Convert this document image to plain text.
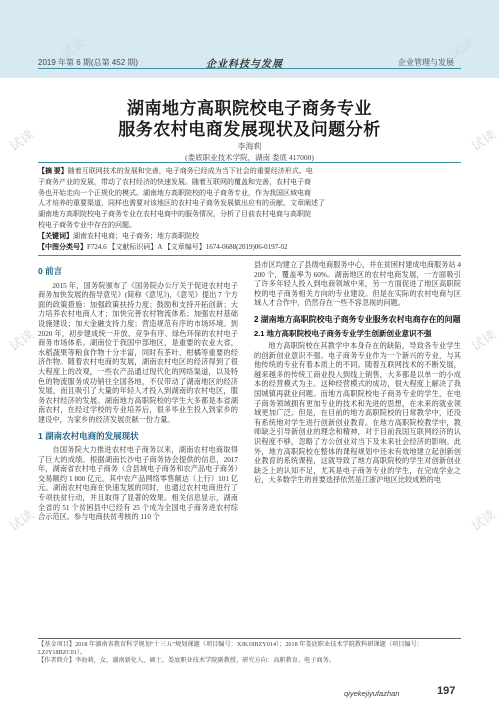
2019 年第 6 期(总第 452 期)	企业科技与发展	企业管理与发展
湖南地方高职院校电子商务专业
服务农村电商发展现状及问题分析
李海莉
(娄底职业技术学院，湖南 娄底 417000)
【摘 要】随着互联网技术的发展和完善，电子商务已经成为当下社会的重要经济形式。电
子商务产业的发展，带动了农村经济的快速发展。随着互联网的覆盖和完善，农村电子商
务也开始走向一个正规化的模式。湖南地方高职院校的电子商务专业，作为我国区域电商
人才培养的重要渠道，同样也需要对该地区的农村电子商务发展做出应有的贡献。文章阐述了
湖南地方高职院校电子商务专业在农村电商中的服务情况，分析了目前农村电商与高职院
校电子商务专业中存在的问题。
【关键词】湖南农村电商；电子商务；地方高职院校
【中图分类号】F724.6 【文献标识码】A 【文章编号】1674-0688(2019)06-0197-02
0 前言
2015 年，国务院颁布了《国务院办公厅关于促进农村电子商务加快发展的指导意见》(简称《意见》)，《意见》提出 7 个方面的政策措施：加强政策扶持力度；鼓励和支持开拓创新；大力培养农村电商人才；加快完善农村物流体系；加强农村基础设施建设；加大金融支持力度；营造规范有序的市场环境。到 2020 年，初步建成统一开放、竞争有序、绿色环保的农村电子商务市场体系。湖南位于我国中部地区，是重要的农业大省，水稻蔬果等粮食作物十分丰富，同时有茶叶、柑橘等重要的经济作物。随着农村电商的发展，湖南农村电区的经济得到了很大程度上的改观，一些农产品通过现代化的网络渠道，以及特色的物流服务成功销往全国各地，不仅带动了湖南地区的经济发展，而且吸引了大量的年轻人才投入到湖南的农村电区，服务农村经济的发展。湖南地方高职院校的学生大多都是本省湖南农村，在经过学校的专业培养后，很多毕业生投入到家乡的建设中，为家乡的经济发展贡献一份力量。
1 湖南农村电商的发展现状
自国务院大力推进农村电子商务以来，湖南农村电商取得了巨大的成绩。根据湖南长沙电子商务协会提供的信息，2017 年，湖南省农村电子商务（含县域电子商务和农产品电子商务）交易额约 1 800 亿元，其中农产品网络零售额达（上行）101 亿元。湖南农村电商在快速发展的同时，也通过农村电商进行了专项扶贫行动，并且取得了显著的效果。相关信息显示，湖南全省的 51 个贫困县中已经有 25 个成为全国电子商务进农村综合示范区。参与电商扶贫考核的 110 个
县市区均建立了县级电商服务中心，并在贫困村建成电商服务站 4 200 个，覆盖率为 60%。湖南地区的农村电商发展，一方面吸引了许多年轻人投入到电商领域中来，另一方面促进了地区高职院校的电子商务相关方向的专业建设。但是在实际的农村电商与区域人才合作中，仍然存在一些不容忽视的问题。
2 湖南地方高职院校电子商务专业服务农村电商存在的问题
2.1 地方高职院校电子商务专业学生创新创业意识不强
地方高职院校在其教学中本身存在的缺陷，导致各专业学生的创新创业意识不强。电子商务专业作为一个新兴的专业，与其他传统的专业有着本质上的不同。随着互联网技术的不断发展，越来越多的传统工商业投入到线上销售，大多都是以单一的小成本的经营模式为主。这种经营模式的成功，很大程度上解决了我国城镇再就业问题。而地方高职院校电子商务专业的学生，在电子商务领域拥有更加专业的技术和先进的思想，在未来的就业领域更加广泛。但是，在目前的地方高职院校的日常教学中，还没有系统地对学生进行创新创业教育。在地方高职院校教学中，教师缺乏引导新创业的理念和精神，对于目前我国互联网经济的认识程度不够，忽略了方公创业对当下及未来社会经济的影响。此外，地方高职院校在整体的课程规划中还未有效地建立起创新创业教育的系统课程，这就导致了地方高职院校的学生对创新创业缺乏上的认知不足，尤其是电子商务专业的学生，在完成学业之后，大多数学生的首要选择依然是江浙沪地区比较成熟的电
【基金项目】2018 年湖南省教育科学规划“十三五”规划课题（项目编号：XJK18BZY014）；2018 年娄底职业技术学院教科研课题（项目编号：LZJY18BZC01）。
【作者简介】李海莉，女，湖南新化人，硕士，娄底职业技术学院副教授，研究方向：高职教育、电子商务。
qiyekejiyufazhan	197
试读
试读
试读
试读
试读
试读
试读	试读
